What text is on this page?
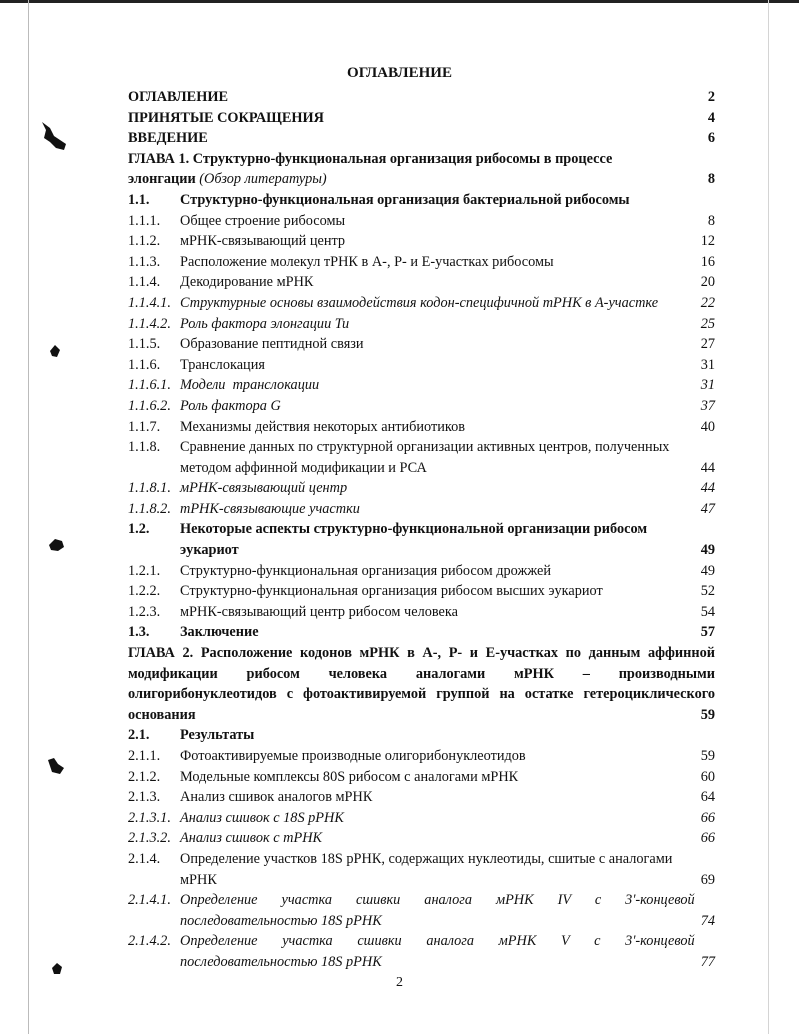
ОГЛАВЛЕНИЕ
ОГЛАВЛЕНИЕ	2
ПРИНЯТЫЕ СОКРАЩЕНИЯ	4
ВВЕДЕНИЕ	6
ГЛАВА 1. Структурно-функциональная организация рибосомы в процессе
элонгации (Обзор литературы)	8
1.1.	Структурно-функциональная организация бактериальной рибосомы
1.1.1.	Общее строение рибосомы	8
1.1.2.	мРНК-связывающий центр	12
1.1.3.	Расположение молекул тРНК в А-, Р- и Е-участках рибосомы	16
1.1.4.	Декодирование мРНК	20
1.1.4.1. Структурные основы взаимодействия кодон-специфичной тРНК в А-участке	22
1.1.4.2. Роль фактора элонгации Tu	25
1.1.5.	Образование пептидной связи	27
1.1.6.	Транслокация	31
1.1.6.1. Модели  транслокации	31
1.1.6.2. Роль фактора G	37
1.1.7.	Механизмы действия некоторых антибиотиков	40
1.1.8.	Сравнение данных по структурной организации активных центров, полученных
методом аффинной модификации и РСА	44
1.1.8.1. мРНК-связывающий центр	44
1.1.8.2. тРНК-связывающие участки	47
1.2.	Некоторые аспекты структурно-функциональной организации рибосом
эукариот	49
1.2.1.	Структурно-функциональная организация рибосом дрожжей	49
1.2.2.	Структурно-функциональная организация рибосом высших эукариот	52
1.2.3.	мРНК-связывающий центр рибосом человека	54
1.3.	Заключение	57
ГЛАВА 2. Расположение кодонов мРНК в А-, Р- и Е-участках по данным аффинной
модификации рибосом человека аналогами мРНК – производными
олигорибонуклеотидов с фотоактивируемой группой на остатке гетероциклического
основания	59
2.1.	Результаты
2.1.1.	Фотоактивируемые производные олигорибонуклеотидов	59
2.1.2.	Модельные комплексы 80S рибосом с аналогами мРНК	60
2.1.3.	Анализ сшивок аналогов мРНК	64
2.1.3.1. Анализ сшивок с 18S рРНК	66
2.1.3.2. Анализ сшивок с тРНК	66
2.1.4.	Определение участков 18S рРНК, содержащих нуклеотиды, сшитые с аналогами
мРНК	69
2.1.4.1. Определение участка сшивки аналога мРНК IV с 3'-концевой
последовательностью 18S рРНК	74
2.1.4.2. Определение участка сшивки аналога мРНК V с 3'-концевой
последовательностью 18S рРНК	77
2
